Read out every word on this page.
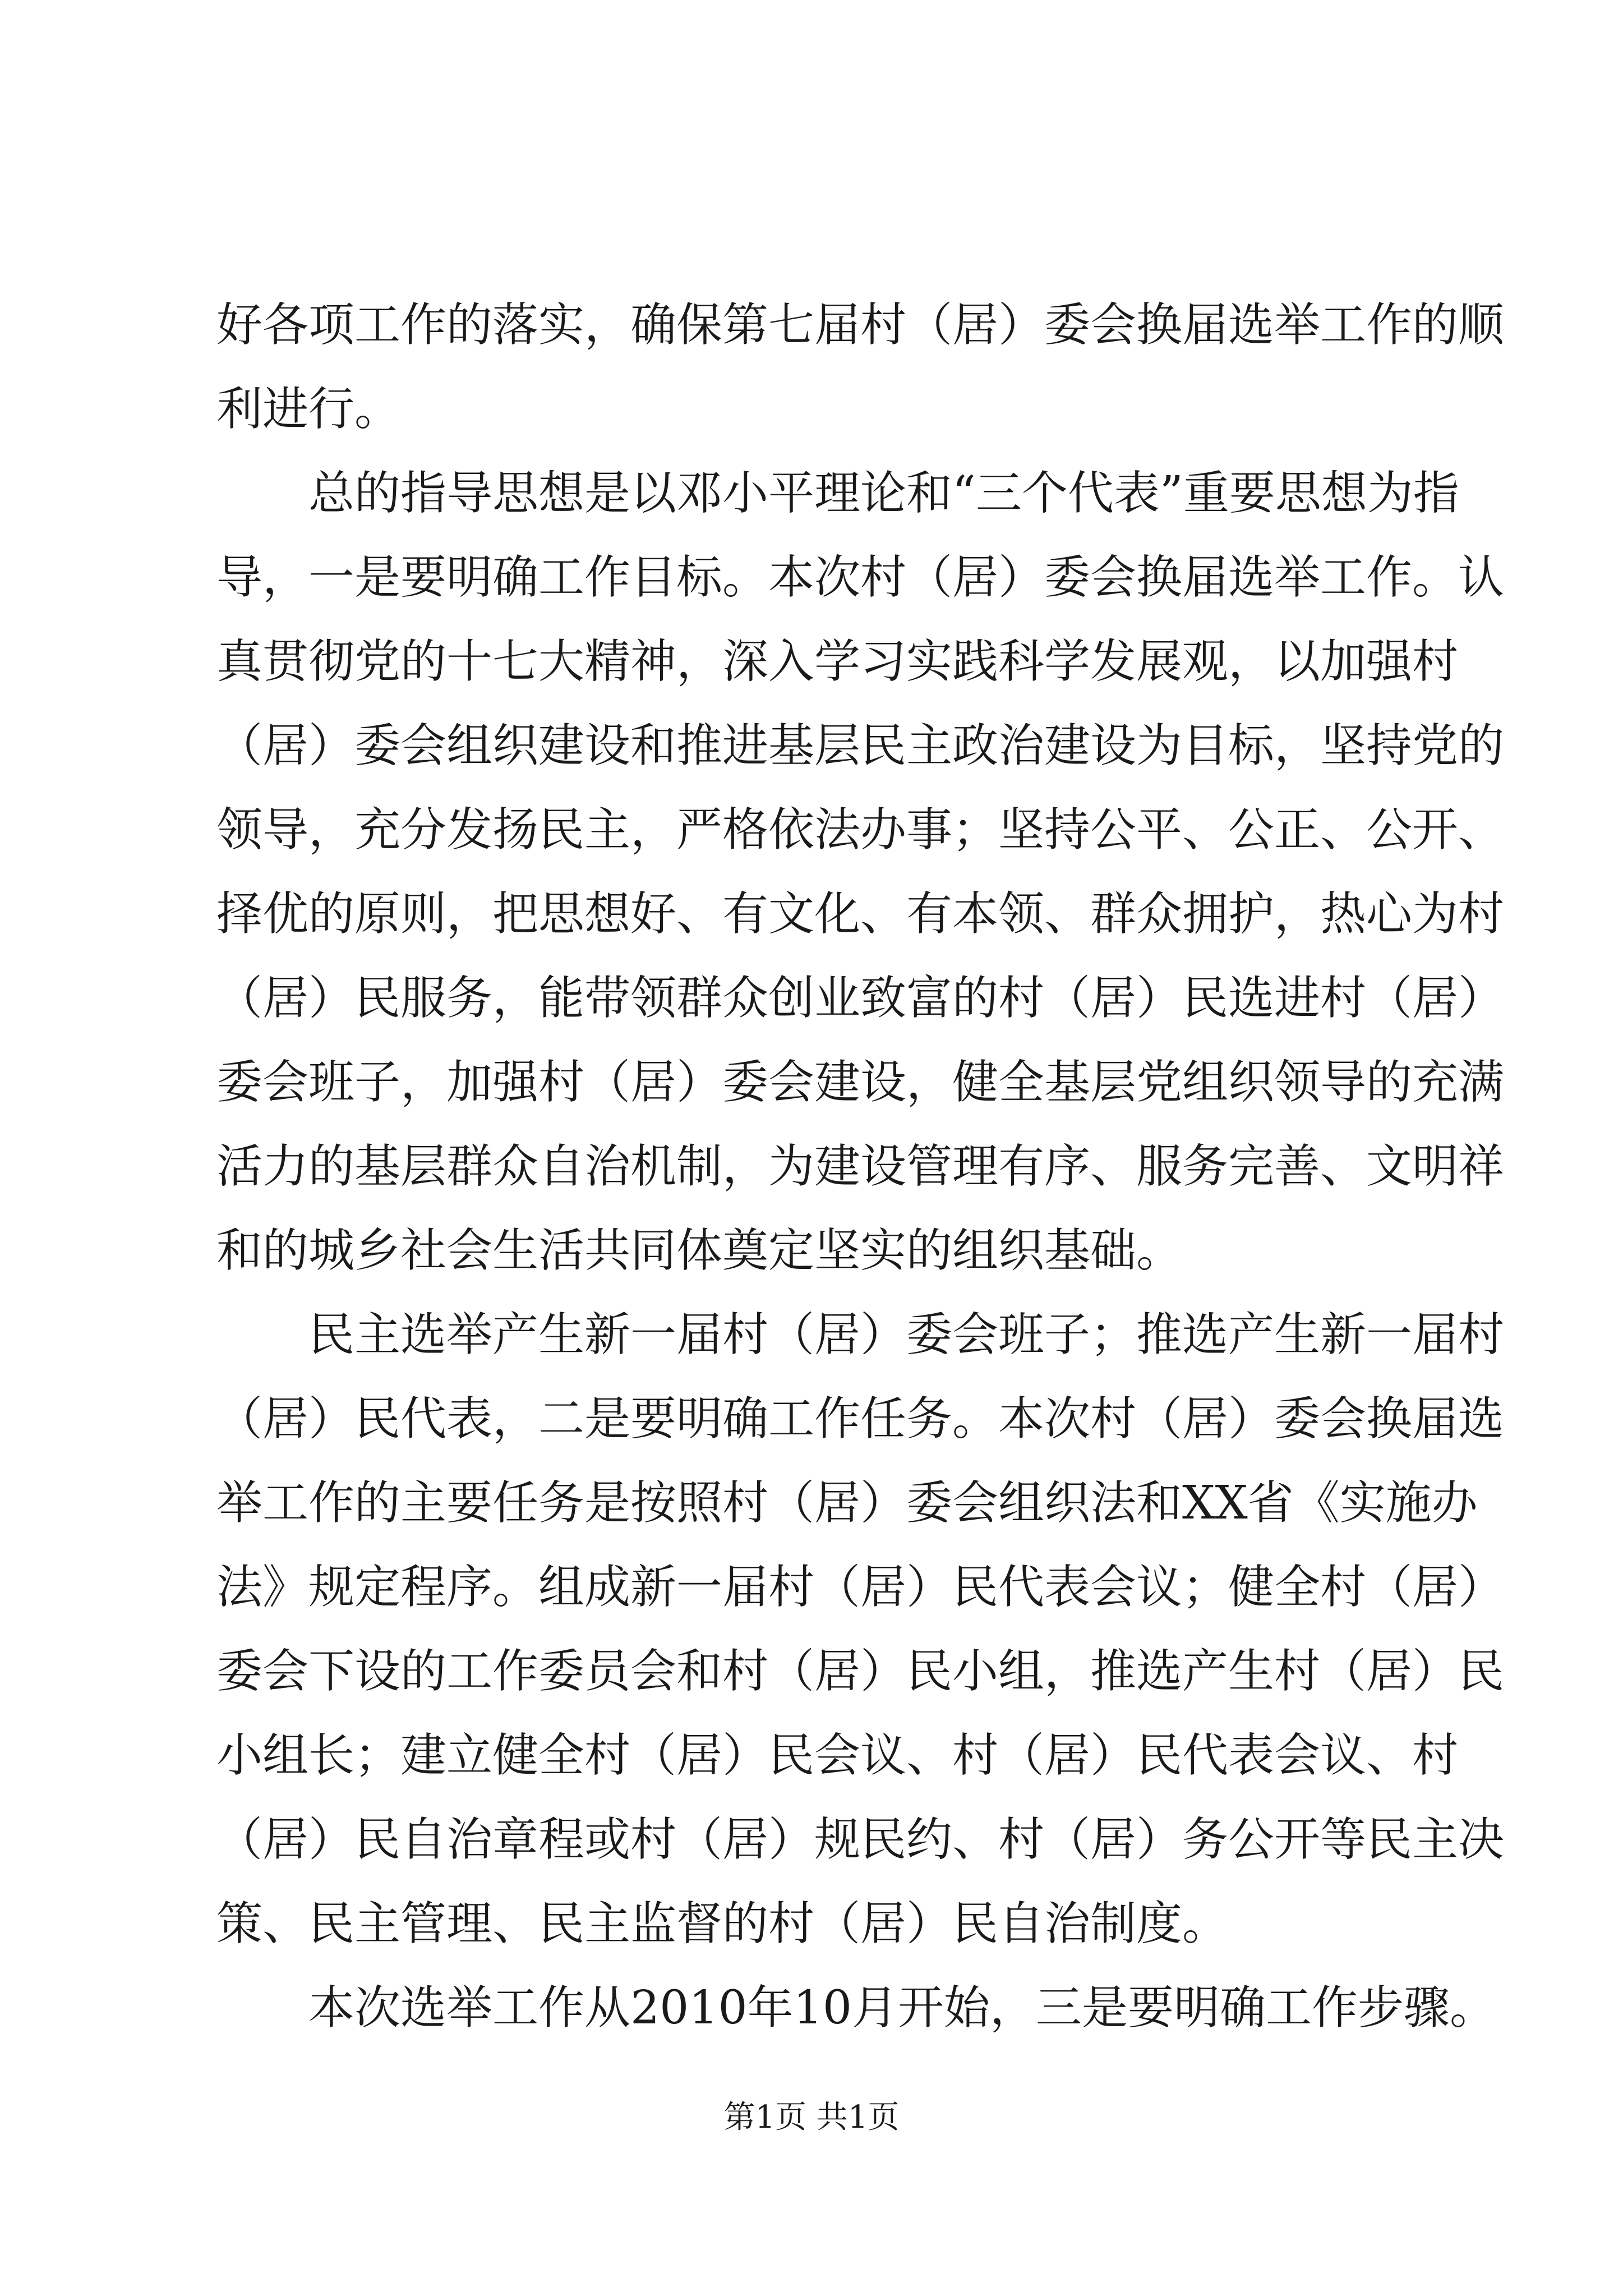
好各项工作的落实，确保第七届村（居）委会换届选举工作的顺
利进行。
总的指导思想是以邓小平理论和“三个代表”重要思想为指
导，一是要明确工作目标。本次村（居）委会换届选举工作。认
真贯彻党的十七大精神，深入学习实践科学发展观，以加强村
（居）委会组织建设和推进基层民主政治建设为目标，坚持党的
领导，充分发扬民主，严格依法办事；坚持公平、公正、公开、
择优的原则，把思想好、有文化、有本领、群众拥护，热心为村
（居）民服务，能带领群众创业致富的村（居）民选进村（居）
委会班子，加强村（居）委会建设，健全基层党组织领导的充满
活力的基层群众自治机制，为建设管理有序、服务完善、文明祥
和的城乡社会生活共同体奠定坚实的组织基础。
民主选举产生新一届村（居）委会班子；推选产生新一届村
（居）民代表，二是要明确工作任务。本次村（居）委会换届选
举工作的主要任务是按照村（居）委会组织法和XX省《实施办
法》规定程序。组成新一届村（居）民代表会议；健全村（居）
委会下设的工作委员会和村（居）民小组，推选产生村（居）民
小组长；建立健全村（居）民会议、村（居）民代表会议、村
（居）民自治章程或村（居）规民约、村（居）务公开等民主决
策、民主管理、民主监督的村（居）民自治制度。
本次选举工作从2010年10月开始，三是要明确工作步骤。
第1页 共1页
